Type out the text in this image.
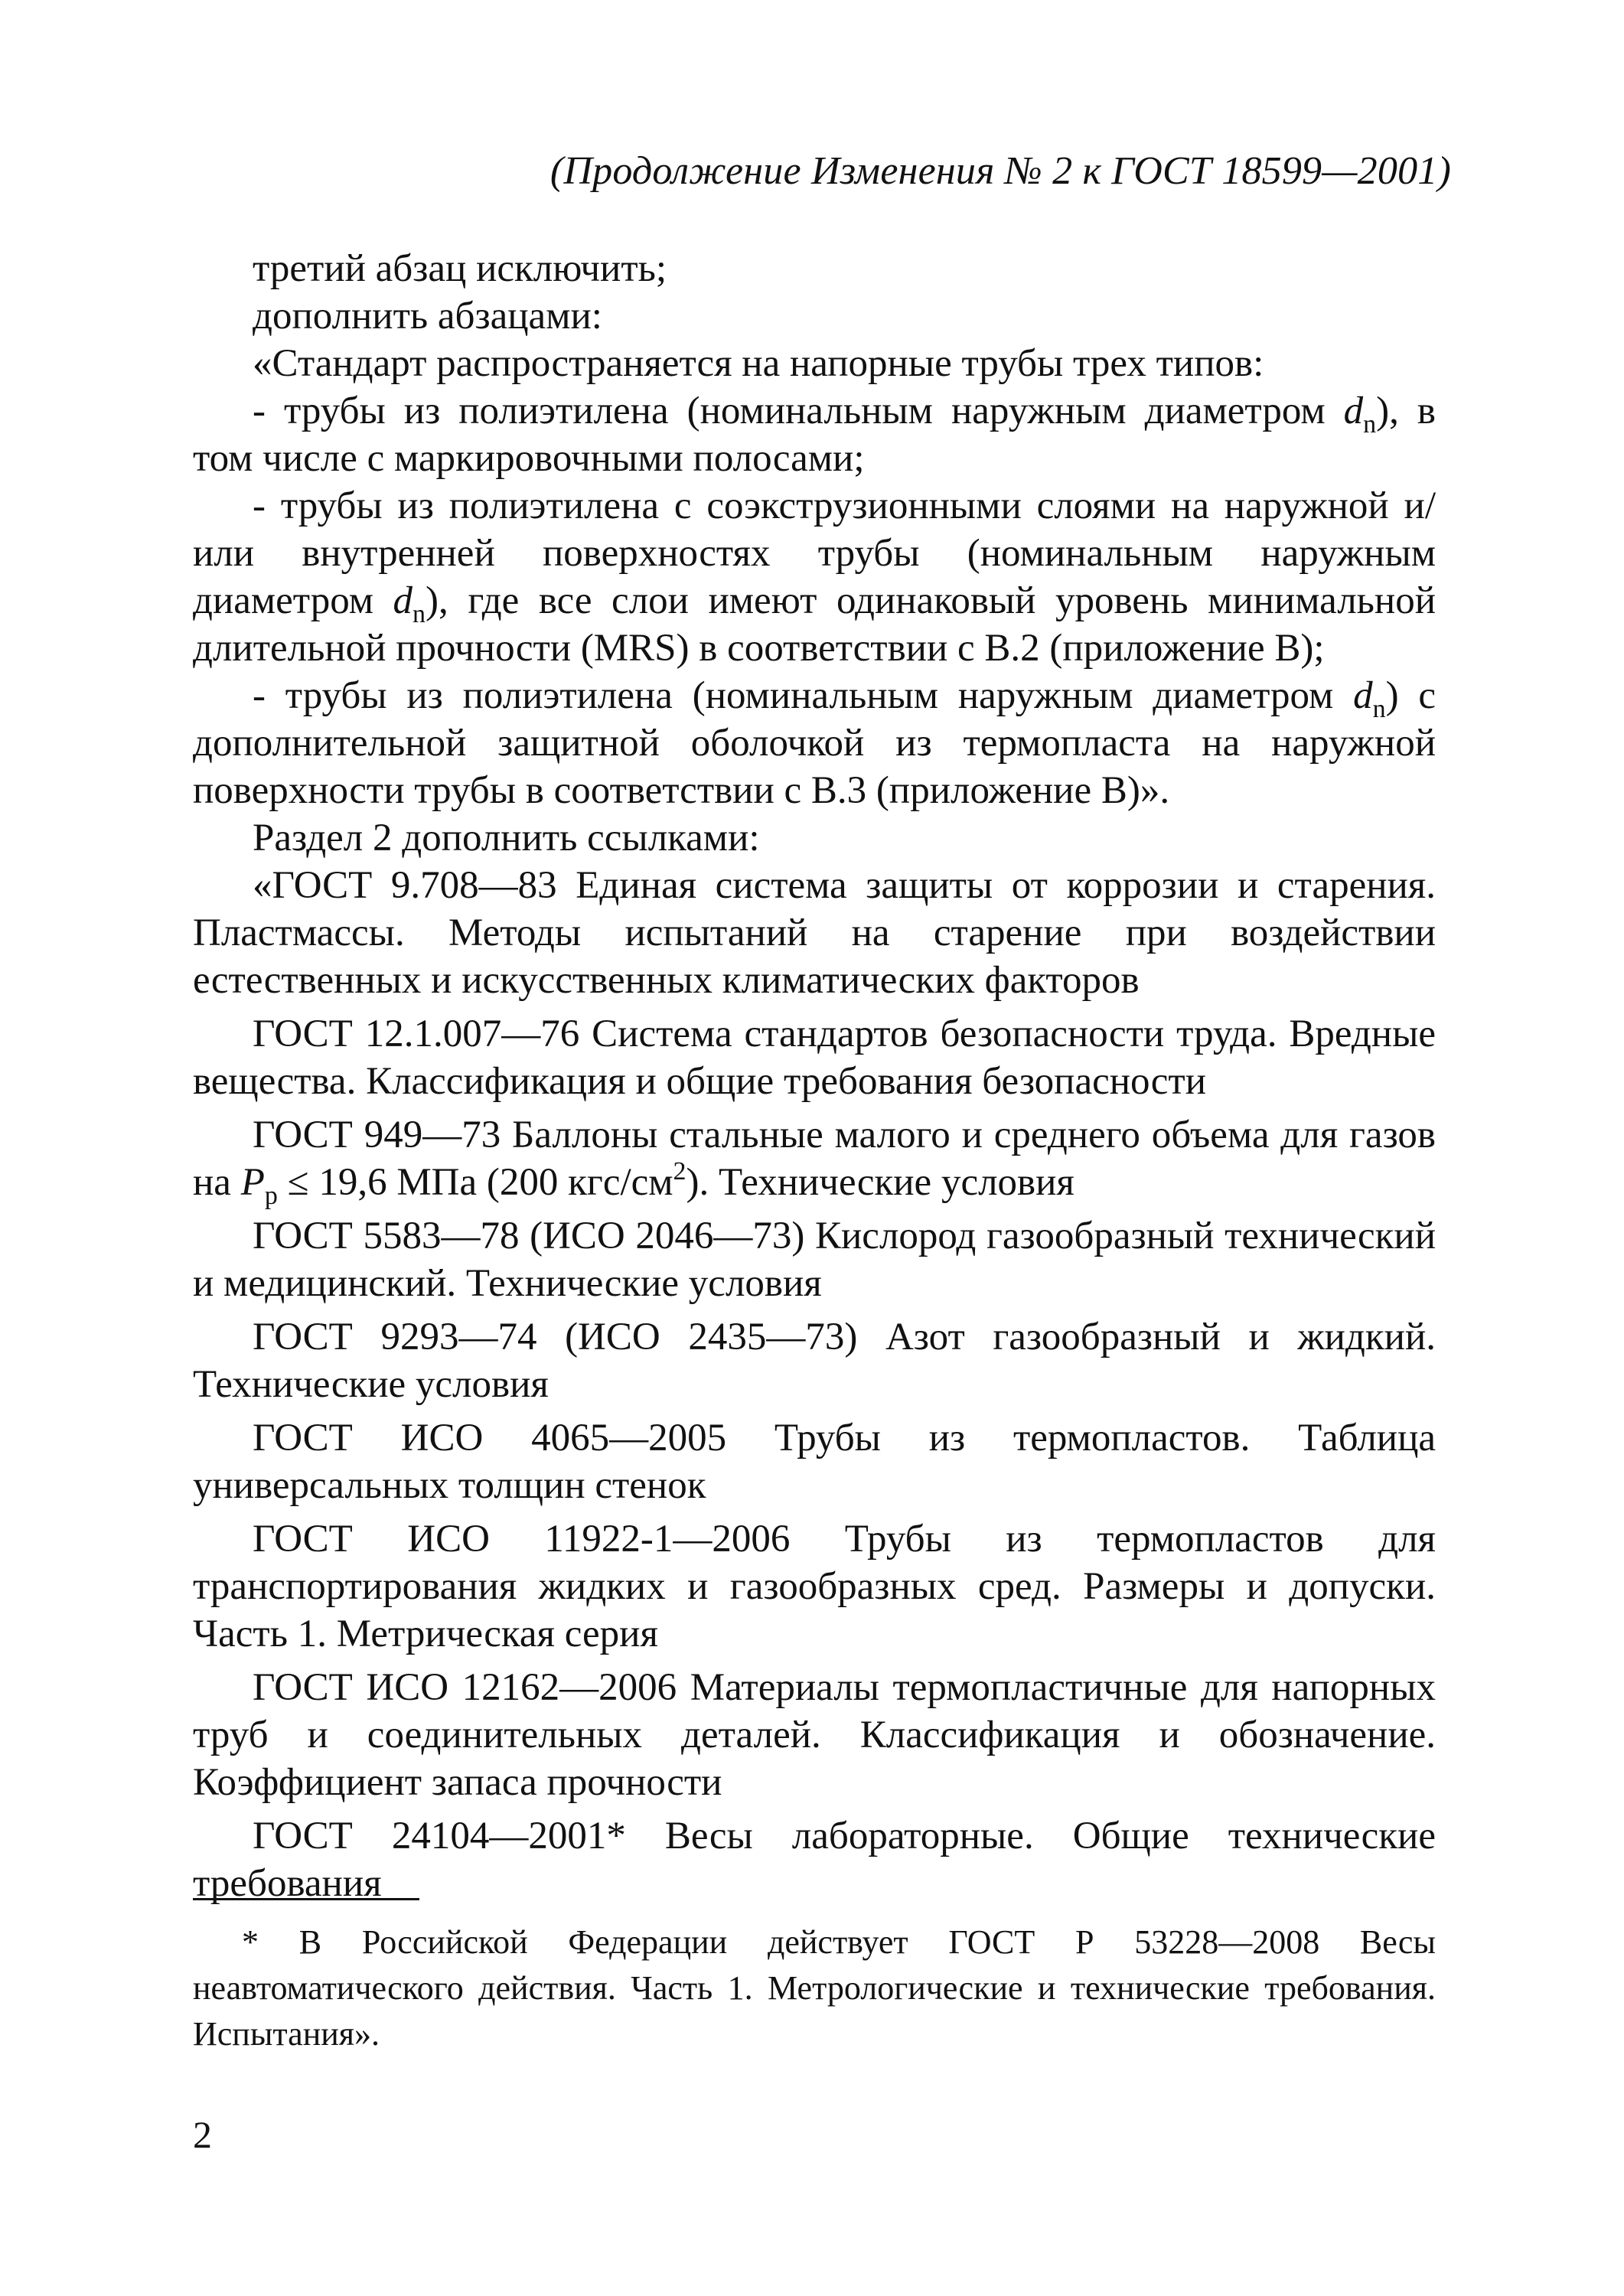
(Продолжение Изменения № 2 к ГОСТ 18599—2001)

третий абзац исключить;

дополнить абзацами:

«Стандарт распространяется на напорные трубы трех типов:

- трубы из полиэтилена (номинальным наружным диаметром $d_n$), в том числе с маркировочными полосами;

- трубы из полиэтилена с соэкструзионными слоями на наружной и/или внутренней поверхностях трубы (номинальным наружным диаметром $d_n$), где все слои имеют одинаковый уровень минимальной длительной прочности (MRS) в соответствии с В.2 (приложение В);

- трубы из полиэтилена (номинальным наружным диаметром $d_n$) с дополнительной защитной оболочкой из термопласта на наружной поверхности трубы в соответствии с В.3 (приложение В)».

Раздел 2 дополнить ссылками:

«ГОСТ 9.708—83 Единая система защиты от коррозии и старения. Пластмассы. Методы испытаний на старение при воздействии естественных и искусственных климатических факторов

ГОСТ 12.1.007—76 Система стандартов безопасности труда. Вредные вещества. Классификация и общие требования безопасности

ГОСТ 949—73 Баллоны стальные малого и среднего объема для газов на $P_р \le 19,6$ МПа (200 кгс/$см^2$). Технические условия

ГОСТ 5583—78 (ИСО 2046—73) Кислород газообразный технический и медицинский. Технические условия

ГОСТ 9293—74 (ИСО 2435—73) Азот газообразный и жидкий. Технические условия

ГОСТ ИСО 4065—2005 Трубы из термопластов. Таблица универсальных толщин стенок

ГОСТ ИСО 11922-1—2006 Трубы из термопластов для транспортирования жидких и газообразных сред. Размеры и допуски. Часть 1. Метрическая серия

ГОСТ ИСО 12162—2006 Материалы термопластичные для напорных труб и соединительных деталей. Классификация и обозначение. Коэффициент запаса прочности

ГОСТ 24104—2001* Весы лабораторные. Общие технические требования

* В Российской Федерации действует ГОСТ Р 53228—2008 Весы неавтоматического действия. Часть 1. Метрологические и технические требования. Испытания».
2
